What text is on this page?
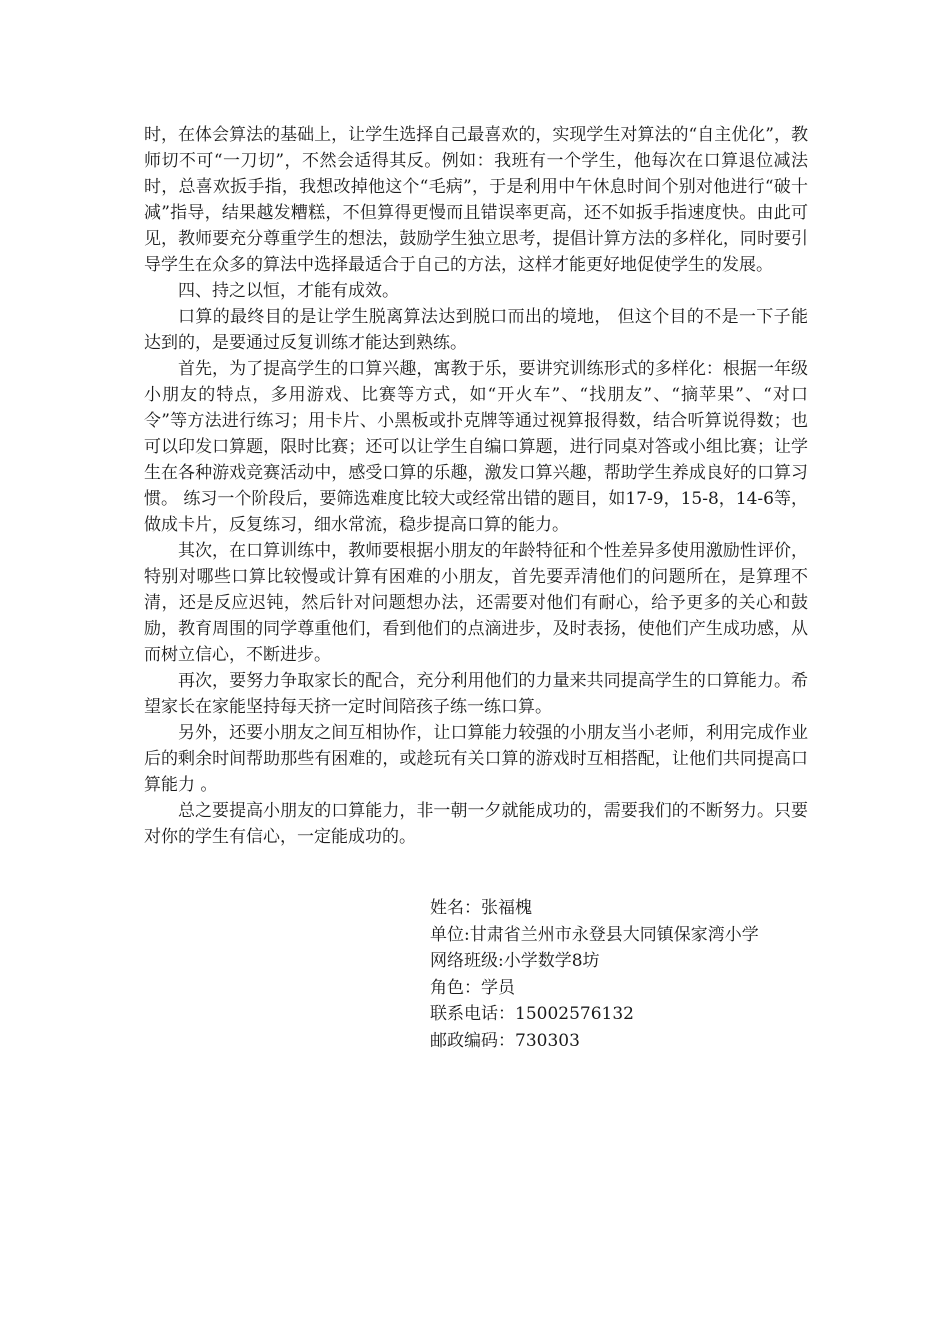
时，在体会算法的基础上，让学生选择自己最喜欢的，实现学生对算法的“自主优化”，教师切不可“一刀切”，不然会适得其反。例如：我班有一个学生，他每次在口算退位减法时，总喜欢扳手指，我想改掉他这个“毛病”，于是利用中午休息时间个别对他进行“破十减”指导，结果越发糟糕，不但算得更慢而且错误率更高，还不如扳手指速度快。由此可见，教师要充分尊重学生的想法，鼓励学生独立思考，提倡计算方法的多样化，同时要引导学生在众多的算法中选择最适合于自己的方法，这样才能更好地促使学生的发展。

四、持之以恒，才能有成效。

口算的最终目的是让学生脱离算法达到脱口而出的境地， 但这个目的不是一下子能达到的，是要通过反复训练才能达到熟练。

首先，为了提高学生的口算兴趣，寓教于乐，要讲究训练形式的多样化：根据一年级小朋友的特点，多用游戏、比赛等方式，如“开火车”、“找朋友”、“摘苹果”、“对口令”等方法进行练习；用卡片、小黑板或扑克牌等通过视算报得数，结合听算说得数；也可以印发口算题，限时比赛；还可以让学生自编口算题，进行同桌对答或小组比赛；让学生在各种游戏竞赛活动中，感受口算的乐趣，激发口算兴趣，帮助学生养成良好的口算习惯。 练习一个阶段后，要筛选难度比较大或经常出错的题目，如17-9，15-8，14-6等，做成卡片，反复练习，细水常流，稳步提高口算的能力。

其次，在口算训练中，教师要根据小朋友的年龄特征和个性差异多使用激励性评价，特别对哪些口算比较慢或计算有困难的小朋友，首先要弄清他们的问题所在，是算理不清，还是反应迟钝，然后针对问题想办法，还需要对他们有耐心，给予更多的关心和鼓励，教育周围的同学尊重他们，看到他们的点滴进步，及时表扬，使他们产生成功感，从而树立信心，不断进步。

再次，要努力争取家长的配合，充分利用他们的力量来共同提高学生的口算能力。希望家长在家能坚持每天挤一定时间陪孩子练一练口算。

另外，还要小朋友之间互相协作，让口算能力较强的小朋友当小老师，利用完成作业后的剩余时间帮助那些有困难的，或趁玩有关口算的游戏时互相搭配，让他们共同提高口算能力 。

总之要提高小朋友的口算能力，非一朝一夕就能成功的，需要我们的不断努力。只要对你的学生有信心，一定能成功的。

姓名：张福槐
单位:甘肃省兰州市永登县大同镇保家湾小学
网络班级:小学数学8坊
角色：学员
联系电话：15002576132
邮政编码：730303
